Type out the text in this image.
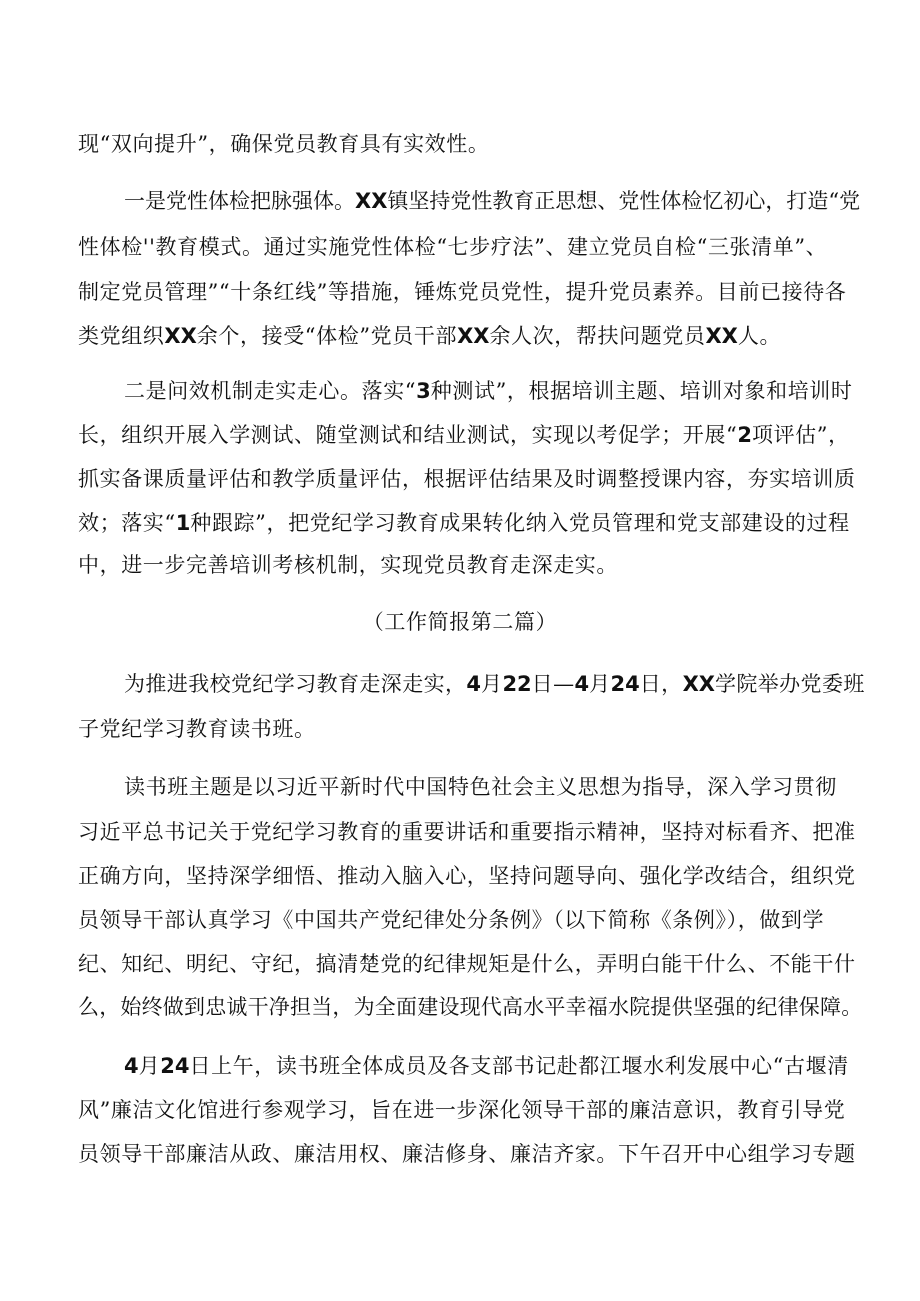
现“双向提升”，确保党员教育具有实效性。
一是党性体检把脉强体。XX镇坚持党性教育正思想、党性体检忆初心，打造“党
性体检''教育模式。通过实施党性体检“七步疗法”、建立党员自检“三张清单”、
制定党员管理”“十条红线”等措施，锤炼党员党性，提升党员素养。目前已接待各
类党组织XX余个，接受“体检”党员干部XX余人次，帮扶问题党员XX人。
二是问效机制走实走心。落实“3种测试”，根据培训主题、培训对象和培训时
长，组织开展入学测试、随堂测试和结业测试，实现以考促学；开展“2项评估”，
抓实备课质量评估和教学质量评估，根据评估结果及时调整授课内容，夯实培训质
效；落实“1种跟踪”，把党纪学习教育成果转化纳入党员管理和党支部建设的过程
中，进一步完善培训考核机制，实现党员教育走深走实。
（工作简报第二篇）
为推进我校党纪学习教育走深走实，4月22日—4月24日，XX学院举办党委班
子党纪学习教育读书班。
读书班主题是以习近平新时代中国特色社会主义思想为指导，深入学习贯彻
习近平总书记关于党纪学习教育的重要讲话和重要指示精神，坚持对标看齐、把准
正确方向，坚持深学细悟、推动入脑入心，坚持问题导向、强化学改结合，组织党
员领导干部认真学习《中国共产党纪律处分条例》（以下简称《条例》），做到学
纪、知纪、明纪、守纪，搞清楚党的纪律规矩是什么，弄明白能干什么、不能干什
么，始终做到忠诚干净担当，为全面建设现代高水平幸福水院提供坚强的纪律保障。
4月24日上午，读书班全体成员及各支部书记赴都江堰水利发展中心“古堰清
风”廉洁文化馆进行参观学习，旨在进一步深化领导干部的廉洁意识，教育引导党
员领导干部廉洁从政、廉洁用权、廉洁修身、廉洁齐家。下午召开中心组学习专题
